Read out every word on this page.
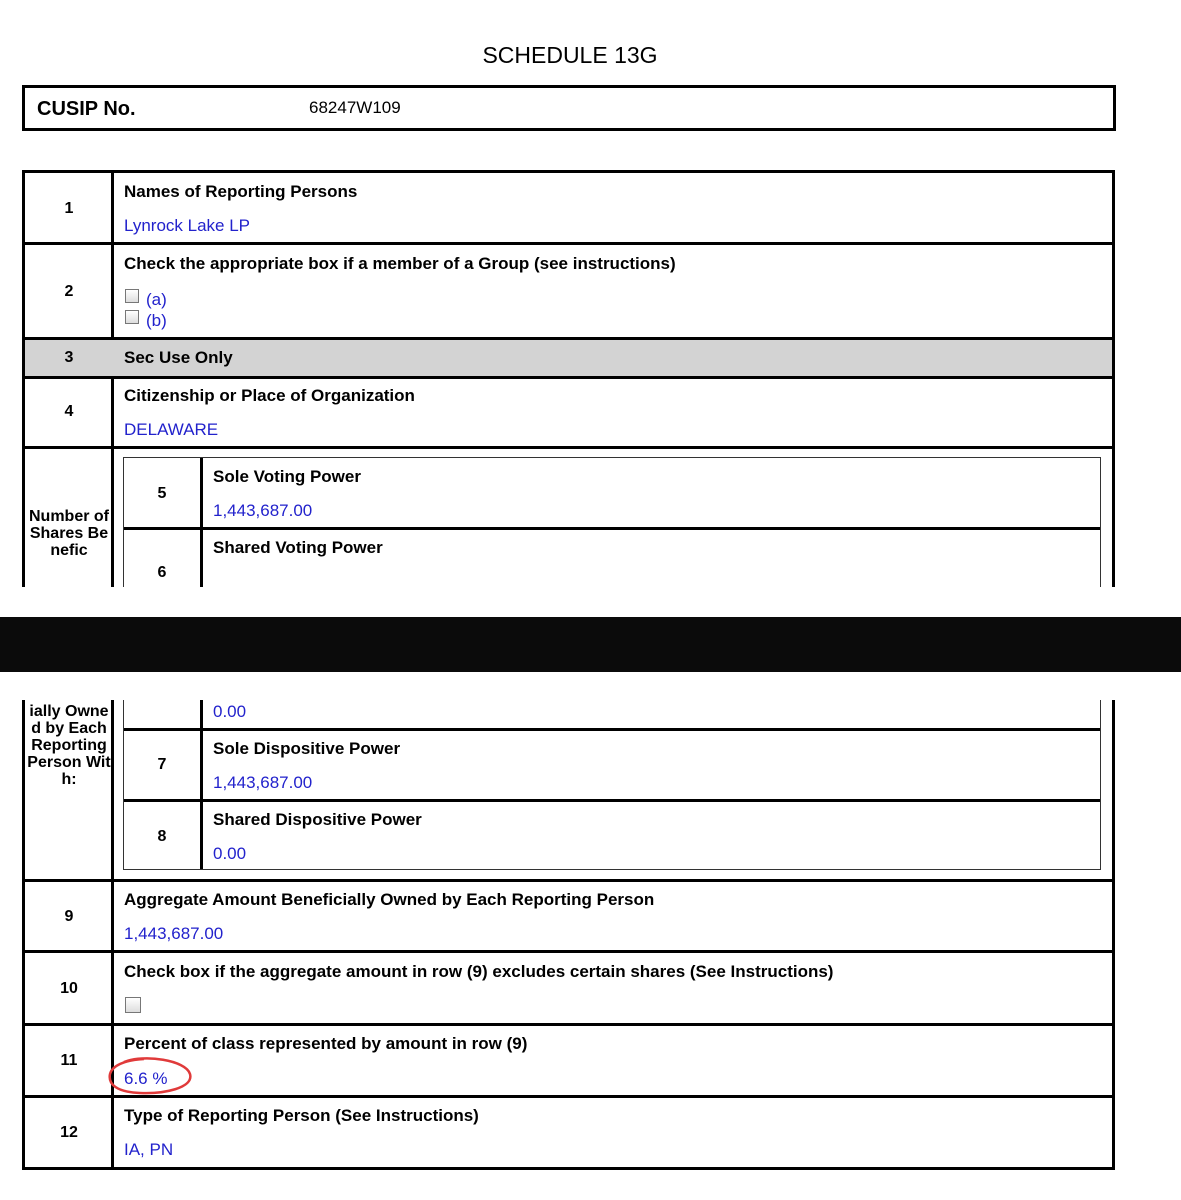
SCHEDULE 13G
CUSIP No.	68247W109
1
Names of Reporting Persons
Lynrock Lake LP
2
Check the appropriate box if a member of a Group (see instructions)
(a)
(b)
3	Sec Use Only
4
Citizenship or Place of Organization
DELAWARE
Number of Shares Benefic
5
Sole Voting Power
1,443,687.00
6
Shared Voting Power
ially Owned by Each Reporting Person With:
0.00
7
Sole Dispositive Power
1,443,687.00
8
Shared Dispositive Power
0.00
9
Aggregate Amount Beneficially Owned by Each Reporting Person
1,443,687.00
10
Check box if the aggregate amount in row (9) excludes certain shares (See Instructions)
11
Percent of class represented by amount in row (9)
6.6 %
12
Type of Reporting Person (See Instructions)
IA, PN
